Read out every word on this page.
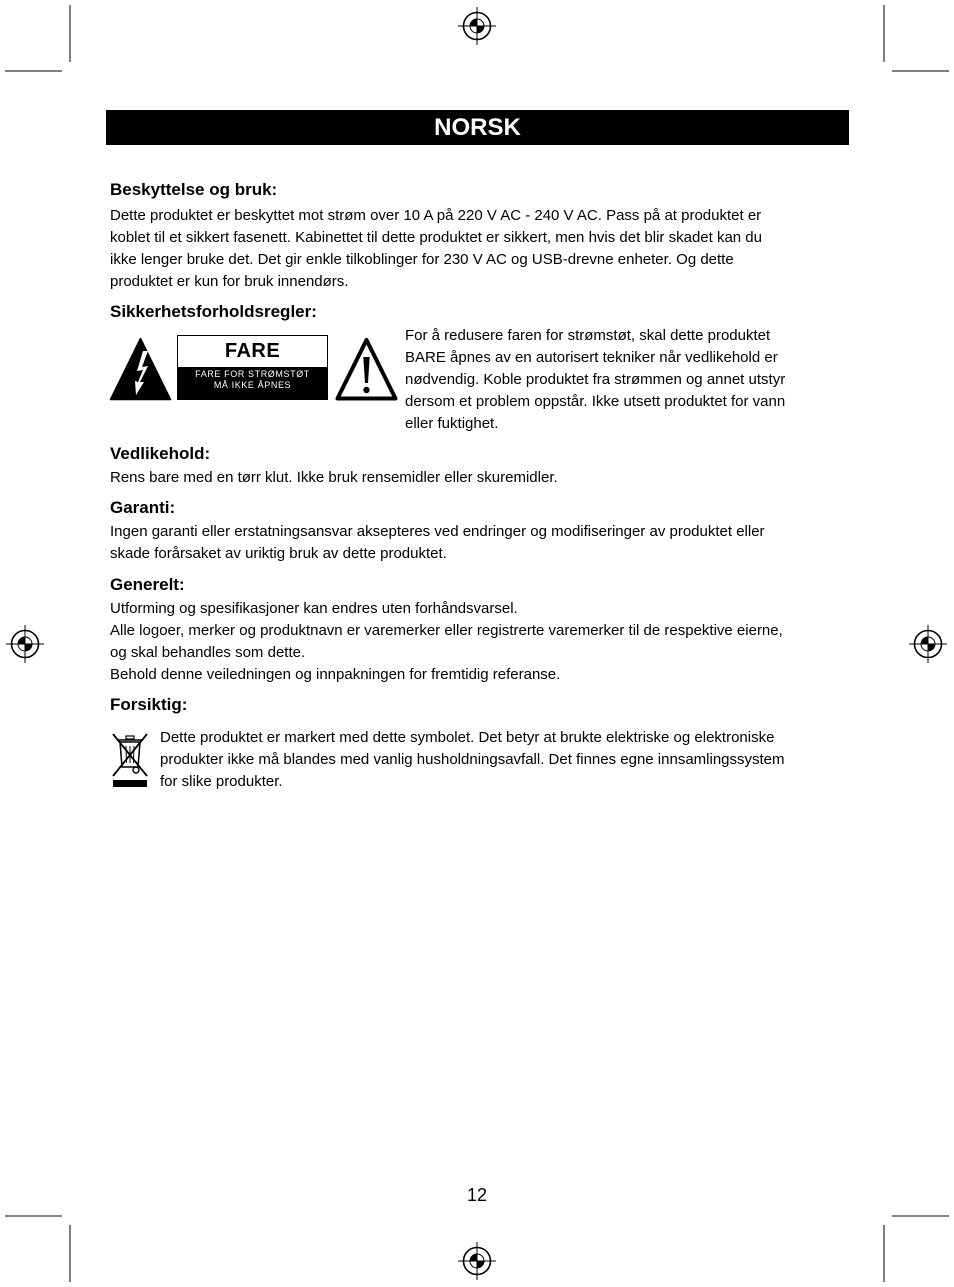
NORSK
Beskyttelse og bruk:
Dette produktet er beskyttet mot strøm over 10 A på 220 V AC - 240 V AC. Pass på at produktet er
koblet til et sikkert fasenett. Kabinettet til dette produktet er sikkert, men hvis det blir skadet kan du
ikke lenger bruke det. Det gir enkle tilkoblinger for 230 V AC og USB-drevne enheter. Og dette
produktet er kun for bruk innendørs.
Sikkerhetsforholdsregler:
FARE
FARE FOR STRØMSTØT
MÅ IKKE ÅPNES
For å redusere faren for strømstøt, skal dette produktet
BARE åpnes av en autorisert tekniker når vedlikehold er
nødvendig. Koble produktet fra strømmen og annet utstyr
dersom et problem oppstår. Ikke utsett produktet for vann
eller fuktighet.
Vedlikehold:
Rens bare med en tørr klut. Ikke bruk rensemidler eller skuremidler.
Garanti:
Ingen garanti eller erstatningsansvar aksepteres ved endringer og modifiseringer av produktet eller
skade forårsaket av uriktig bruk av dette produktet.
Generelt:
Utforming og spesifikasjoner kan endres uten forhåndsvarsel.
Alle logoer, merker og produktnavn er varemerker eller registrerte varemerker til de respektive eierne,
og skal behandles som dette.
Behold denne veiledningen og innpakningen for fremtidig referanse.
Forsiktig:
Dette produktet er markert med dette symbolet. Det betyr at brukte elektriske og elektroniske
produkter ikke må blandes med vanlig husholdningsavfall. Det finnes egne innsamlingssystem
for slike produkter.
12
